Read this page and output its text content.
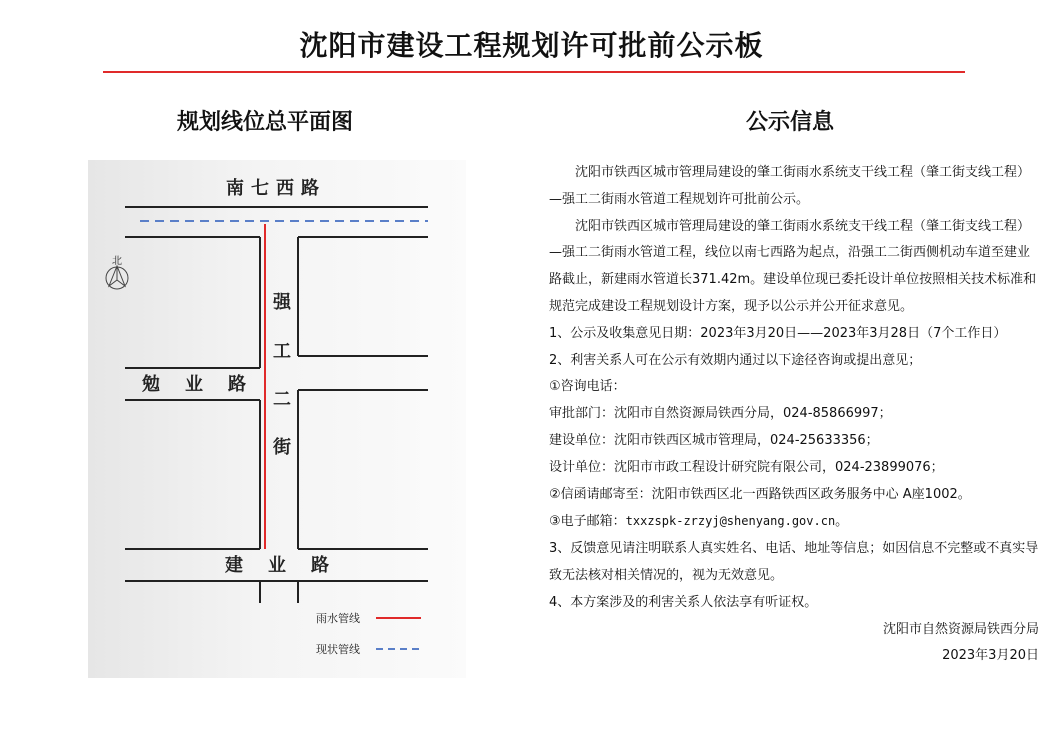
沈阳市建设工程规划许可批前公示板
规划线位总平面图	公示信息
南 七 西 路
勉 业 路
建 业 路
强
工
二
街
北
雨水管线
现状管线

沈阳市铁西区城市管理局建设的肇工街雨水系统支干线工程（肇工街支线工程）—强工二街雨水管道工程规划许可批前公示。

沈阳市铁西区城市管理局建设的肇工街雨水系统支干线工程（肇工街支线工程）—强工二街雨水管道工程，线位以南七西路为起点，沿强工二街西侧机动车道至建业路截止，新建雨水管道长371.42m。建设单位现已委托设计单位按照相关技术标准和规范完成建设工程规划设计方案，现予以公示并公开征求意见。

1、公示及收集意见日期：2023年3月20日——2023年3月28日（7个工作日）

2、利害关系人可在公示有效期内通过以下途径咨询或提出意见；

①咨询电话：

审批部门：沈阳市自然资源局铁西分局，024-85866997；

建设单位：沈阳市铁西区城市管理局，024-25633356；

设计单位：沈阳市市政工程设计研究院有限公司，024-23899076；

②信函请邮寄至：沈阳市铁西区北一西路铁西区政务服务中心 A座1002。

③电子邮箱：txxzspk-zrzyj@shenyang.gov.cn。

3、反馈意见请注明联系人真实姓名、电话、地址等信息；如因信息不完整或不真实导致无法核对相关情况的，视为无效意见。

4、本方案涉及的利害关系人依法享有听证权。

沈阳市自然资源局铁西分局

2023年3月20日
